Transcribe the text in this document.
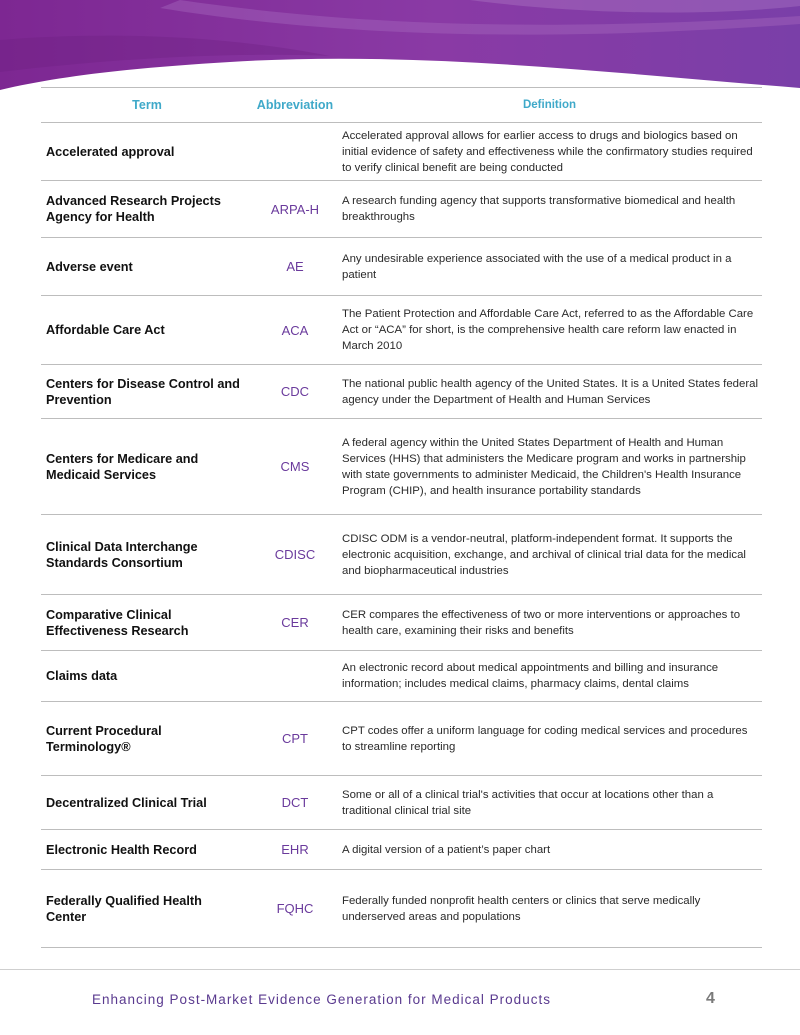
Term	Abbreviation	Definition
Accelerated approval		Accelerated approval allows for earlier access to drugs and biologics based on initial evidence of safety and effectiveness while the confirmatory studies required to verify clinical benefit are being conducted
Advanced Research Projects Agency for Health	ARPA-H	A research funding agency that supports transformative biomedical and health breakthroughs
Adverse event	AE	Any undesirable experience associated with the use of a medical product in a patient
Affordable Care Act	ACA	The Patient Protection and Affordable Care Act, referred to as the Affordable Care Act or “ACA” for short, is the comprehensive health care reform law enacted in March 2010
Centers for Disease Control and Prevention	CDC	The national public health agency of the United States. It is a United States federal agency under the Department of Health and Human Services
Centers for Medicare and Medicaid Services	CMS	A federal agency within the United States Department of Health and Human Services (HHS) that administers the Medicare program and works in partnership with state governments to administer Medicaid, the Children's Health Insurance Program (CHIP), and health insurance portability standards
Clinical Data Interchange Standards Consortium	CDISC	CDISC ODM is a vendor-neutral, platform-independent format. It supports the electronic acquisition, exchange, and archival of clinical trial data for the medical and biopharmaceutical industries
Comparative Clinical Effectiveness Research	CER	CER compares the effectiveness of two or more interventions or approaches to health care, examining their risks and benefits
Claims data		An electronic record about medical appointments and billing and insurance information; includes medical claims, pharmacy claims, dental claims
Current Procedural Terminology®	CPT	CPT codes offer a uniform language for coding medical services and procedures to streamline reporting
Decentralized Clinical Trial	DCT	Some or all of a clinical trial's activities that occur at locations other than a traditional clinical trial site
Electronic Health Record	EHR	A digital version of a patient’s paper chart
Federally Qualified Health Center	FQHC	Federally funded nonprofit health centers or clinics that serve medically underserved areas and populations
Enhancing Post-Market Evidence Generation for Medical Products	4
